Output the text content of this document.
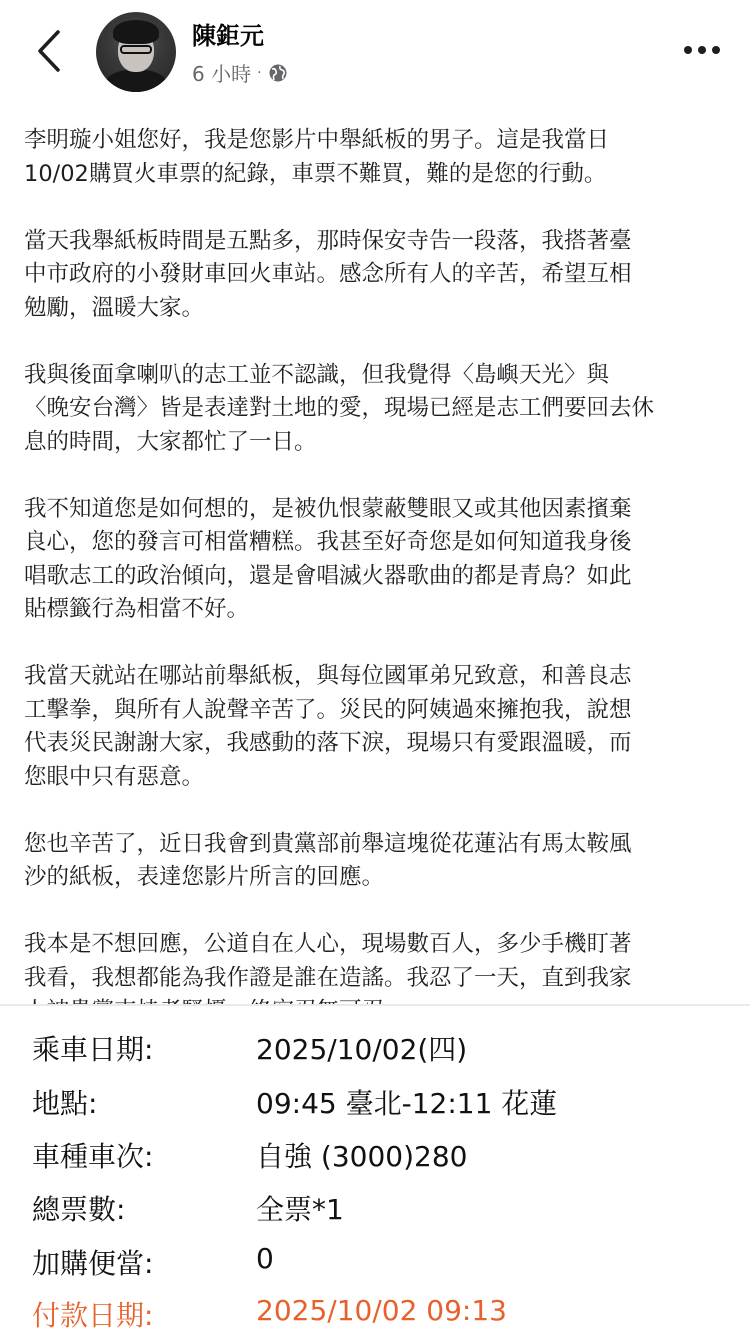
陳鉅元
6 小時 ·

李明璇小姐您好，我是您影片中舉紙板的男子。這是我當日
10/02購買火車票的紀錄，車票不難買，難的是您的行動。

當天我舉紙板時間是五點多，那時保安寺告一段落，我搭著臺
中市政府的小發財車回火車站。感念所有人的辛苦，希望互相
勉勵，溫暖大家。

我與後面拿喇叭的志工並不認識，但我覺得〈島嶼天光〉與
〈晚安台灣〉皆是表達對土地的愛，現場已經是志工們要回去休
息的時間，大家都忙了一日。

我不知道您是如何想的，是被仇恨蒙蔽雙眼又或其他因素擯棄
良心，您的發言可相當糟糕。我甚至好奇您是如何知道我身後
唱歌志工的政治傾向，還是會唱滅火器歌曲的都是青鳥？如此
貼標籤行為相當不好。

我當天就站在哪站前舉紙板，與每位國軍弟兄致意，和善良志
工擊拳，與所有人說聲辛苦了。災民的阿姨過來擁抱我，說想
代表災民謝謝大家，我感動的落下淚，現場只有愛跟溫暖，而
您眼中只有惡意。

您也辛苦了，近日我會到貴黨部前舉這塊從花蓮沾有馬太鞍風
沙的紙板，表達您影片所言的回應。

我本是不想回應，公道自在人心，現場數百人，多少手機盯著
我看，我想都能為我作證是誰在造謠。我忍了一天，直到我家

乘車日期:	2025/10/02(四)
地點:	09:45 臺北-12:11 花蓮
車種車次:	自強 (3000)280
總票數:	全票*1
加購便當:	0
付款日期:	2025/10/02 09:13
